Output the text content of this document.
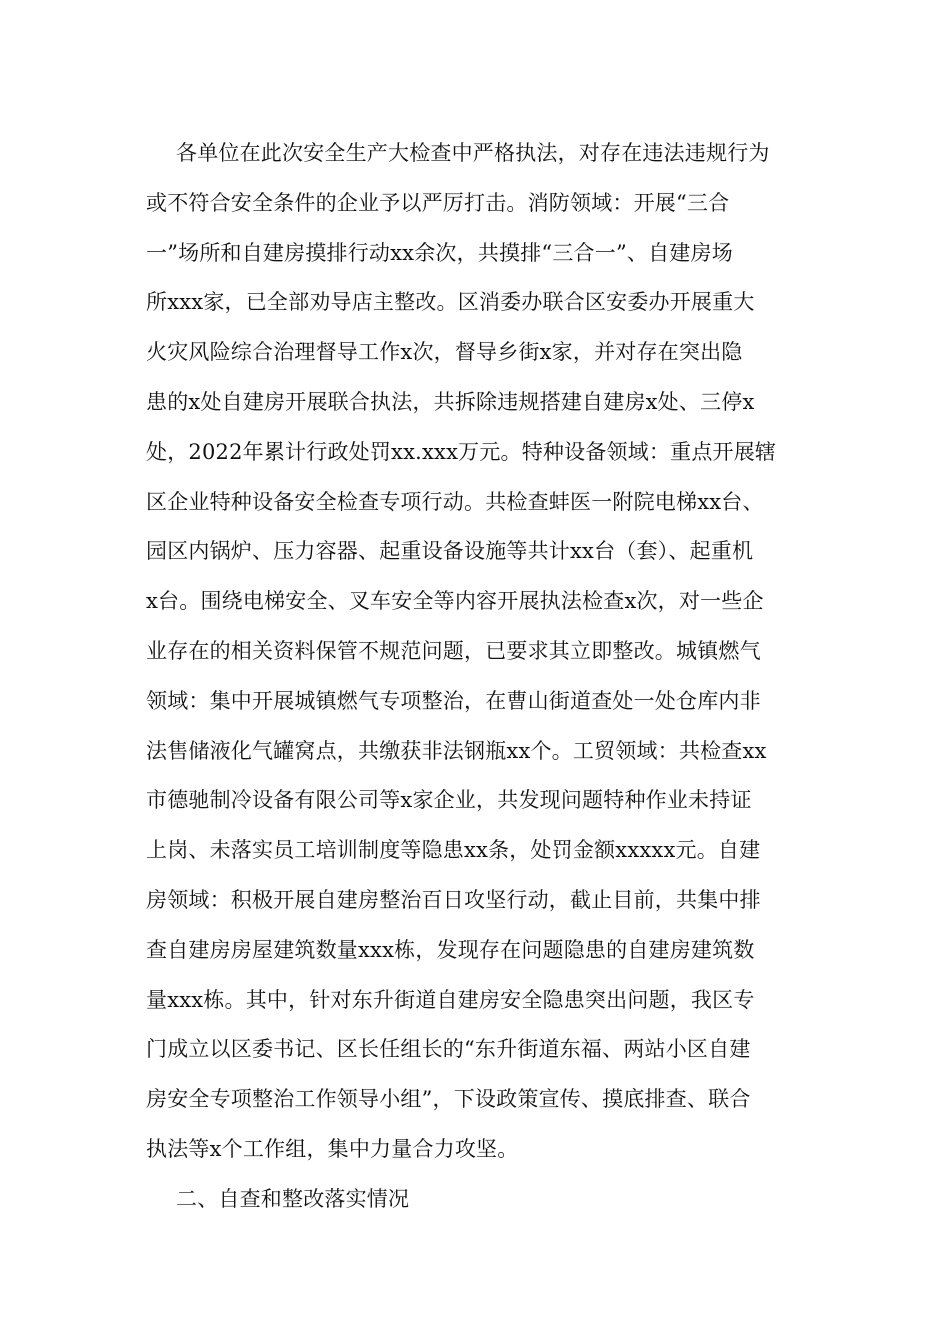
各单位在此次安全生产大检查中严格执法，对存在违法违规行为
或不符合安全条件的企业予以严厉打击。消防领域：开展“三合
一”场所和自建房摸排行动xx余次，共摸排“三合一”、自建房场
所xxx家，已全部劝导店主整改。区消委办联合区安委办开展重大
火灾风险综合治理督导工作x次，督导乡街x家，并对存在突出隐
患的x处自建房开展联合执法，共拆除违规搭建自建房x处、三停x
处，2022年累计行政处罚xx.xxx万元。特种设备领域：重点开展辖
区企业特种设备安全检查专项行动。共检查蚌医一附院电梯xx台、
园区内锅炉、压力容器、起重设备设施等共计xx台（套）、起重机
x台。围绕电梯安全、叉车安全等内容开展执法检查x次，对一些企
业存在的相关资料保管不规范问题，已要求其立即整改。城镇燃气
领域：集中开展城镇燃气专项整治，在曹山街道查处一处仓库内非
法售储液化气罐窝点，共缴获非法钢瓶xx个。工贸领域：共检查xx
市德驰制冷设备有限公司等x家企业，共发现问题特种作业未持证
上岗、未落实员工培训制度等隐患xx条，处罚金额xxxxx元。自建
房领域：积极开展自建房整治百日攻坚行动，截止目前，共集中排
查自建房房屋建筑数量xxx栋，发现存在问题隐患的自建房建筑数
量xxx栋。其中，针对东升街道自建房安全隐患突出问题，我区专
门成立以区委书记、区长任组长的“东升街道东福、两站小区自建
房安全专项整治工作领导小组”，下设政策宣传、摸底排查、联合
执法等x个工作组，集中力量合力攻坚。
二、自查和整改落实情况
